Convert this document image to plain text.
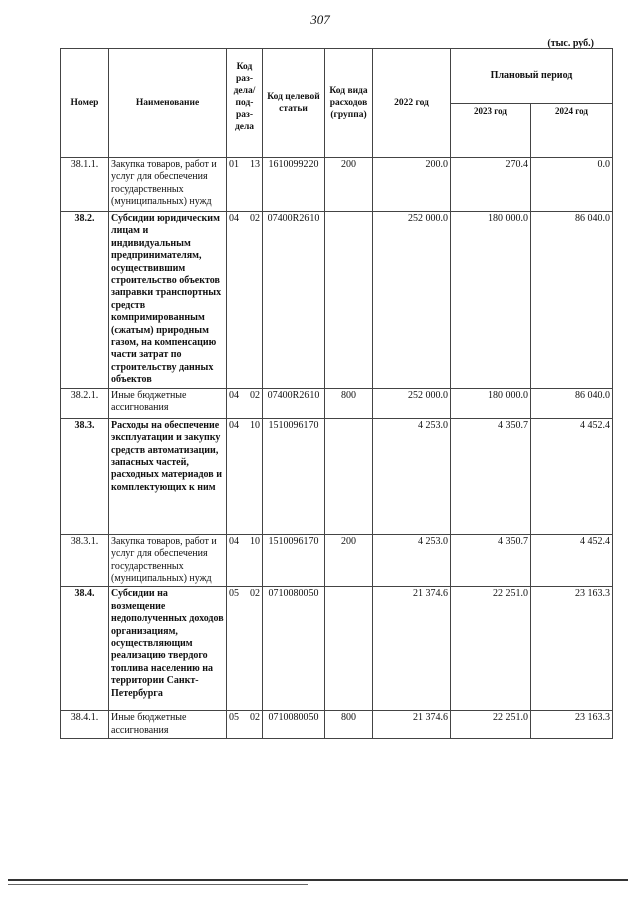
307
(тыс. руб.)
Номер	Наименование	Код раз- дела/ под- раз- дела	Код целевой статьи	Код вида расходов (группа)	2022 год	Плановый период	
						2023 год	2024 год
38.1.1.	Закупка товаров, работ и услуг для обеспечения государственных (муниципальных) нужд	01 13	1610099220	200	200.0	270.4	0.0
38.2.	Субсидии юридическим лицам и индивидуальным предпринимателям, осуществившим строительство объектов заправки транспортных средств компримированным (сжатым) природным газом, на компенсацию части затрат по строительству данных объектов	04 02	07400R2610		252 000.0	180 000.0	86 040.0
38.2.1.	Иные бюджетные ассигнования	04 02	07400R2610	800	252 000.0	180 000.0	86 040.0
38.3.	Расходы на обеспечение эксплуатации и закупку средств автоматизации, запасных частей, расходных материадов и комплектующих к ним	04 10	1510096170		4 253.0	4 350.7	4 452.4
38.3.1.	Закупка товаров, работ и услуг для обеспечения государственных (муниципальных) нужд	04 10	1510096170	200	4 253.0	4 350.7	4 452.4
38.4.	Субсидии на возмещение недополученных доходов организациям, осуществляющим реализацию твердого топлива населению на территории Санкт-Петербурга	05 02	0710080050		21 374.6	22 251.0	23 163.3
38.4.1.	Иные бюджетные ассигнования	05 02	0710080050	800	21 374.6	22 251.0	23 163.3
